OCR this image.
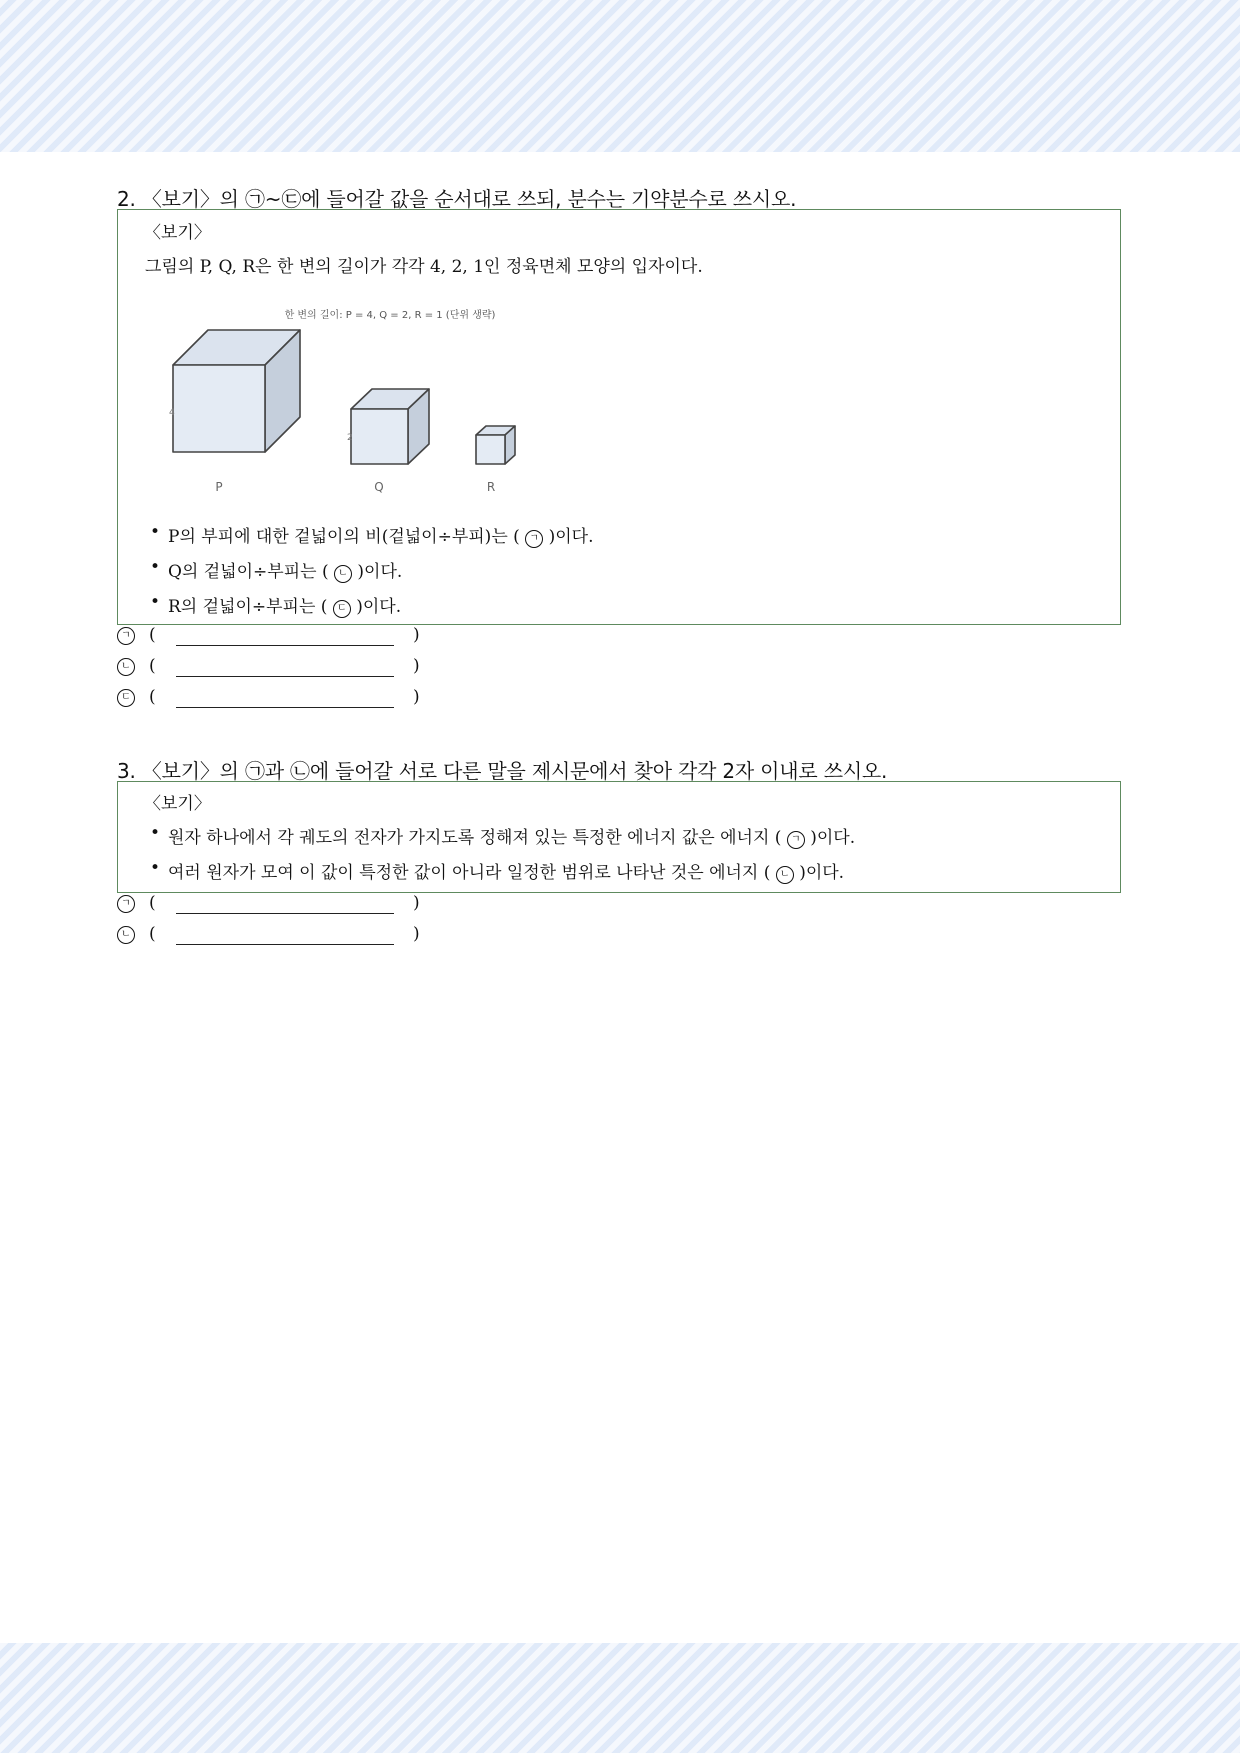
2. 〈보기〉의 ㉠~㉢에 들어갈 값을 순서대로 쓰되, 분수는 기약분수로 쓰시오.
〈보기〉
그림의 P, Q, R은 한 변의 길이가 각각 4, 2, 1인 정육면체 모양의 입자이다.
한 변의 길이: P = 4, Q = 2, R = 1 (단위 생략)
4
2
P	Q	R
• P의 부피에 대한 겉넓이의 비(겉넓이÷부피)는 ( ㄱ )이다.
• Q의 겉넓이÷부피는 ( ㄴ )이다.
• R의 겉넓이÷부피는 ( ㄷ )이다.
ㄱ (	)
ㄴ (	)
ㄷ (	)
3. 〈보기〉의 ㉠과 ㉡에 들어갈 서로 다른 말을 제시문에서 찾아 각각 2자 이내로 쓰시오.
〈보기〉
• 원자 하나에서 각 궤도의 전자가 가지도록 정해져 있는 특정한 에너지 값은 에너지 ( ㄱ )이다.
• 여러 원자가 모여 이 값이 특정한 값이 아니라 일정한 범위로 나타난 것은 에너지 ( ㄴ )이다.
ㄱ (	)
ㄴ (	)
